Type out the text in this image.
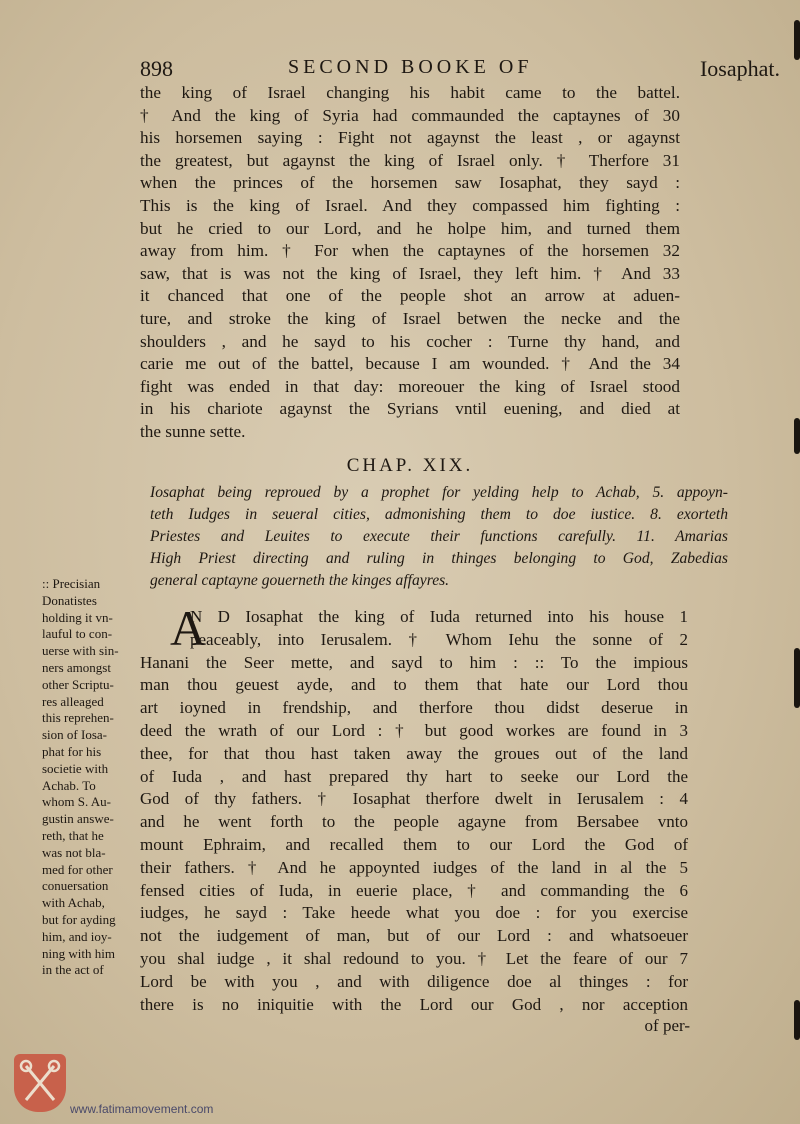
898	SECOND BOOKE OF	Iosaphat.
the king of Israel changing his habit came to the battel.
† And the king of Syria had commaunded the captaynes of 30
his horsemen saying : Fight not agaynst the least , or agaynst
the greatest, but agaynst the king of Israel only. † Therfore 31
when the princes of the horsemen saw Iosaphat, they sayd :
This is the king of Israel. And they compassed him fighting :
but he cried to our Lord, and he holpe him, and turned them
away from him. † For when the captaynes of the horsemen 32
saw, that is was not the king of Israel, they left him. † And 33
it chanced that one of the people shot an arrow at aduen-
ture, and stroke the king of Israel betwen the necke and the
shoulders , and he sayd to his cocher : Turne thy hand, and
carie me out of the battel, because I am wounded. † And the 34
fight was ended in that day: moreouer the king of Israel stood
in his chariote agaynst the Syrians vntil euening, and died at
the sunne sette.
CHAP. XIX.
Iosaphat being reproued by a prophet for yelding help to Achab, 5. appoyn-
teth Iudges in seueral cities, admonishing them to doe iustice. 8. exorteth
Priestes and Leuites to execute their functions carefully. 11. Amarias
High Priest directing and ruling in thinges belonging to God, Zabedias
general captayne gouerneth the kinges affayres.
A
N D Iosaphat the king of Iuda returned into his house 1
peaceably, into Ierusalem. † Whom Iehu the sonne of 2
Hanani the Seer mette, and sayd to him : :: To the impious
man thou geuest ayde, and to them that hate our Lord thou
art ioyned in frendship, and therfore thou didst deserue in
deed the wrath of our Lord : † but good workes are found in 3
thee, for that thou hast taken away the groues out of the land
of Iuda , and hast prepared thy hart to seeke our Lord the
God of thy fathers. † Iosaphat therfore dwelt in Ierusalem : 4
and he went forth to the people agayne from Bersabee vnto
mount Ephraim, and recalled them to our Lord the God of
their fathers. † And he appoynted iudges of the land in al the 5
fensed cities of Iuda, in euerie place, † and commanding the 6
iudges, he sayd : Take heede what you doe : for you exercise
not the iudgement of man, but of our Lord : and whatsoeuer
you shal iudge , it shal redound to you. † Let the feare of our 7
Lord be with you , and with diligence doe al thinges : for
there is no iniquitie with the Lord our God , nor acception
of per-
:: Precisian
Donatistes
holding it vn-
lauful to con-
uerse with sin-
ners amongst
other Scriptu-
res alleaged
this reprehen-
sion of Iosa-
phat for his
societie with
Achab. To
whom S. Au-
gustin answe-
reth, that he
was not bla-
med for other
conuersation
with Achab,
but for ayding
him, and ioy-
ning with him
in the act of
www.fatimamovement.com
